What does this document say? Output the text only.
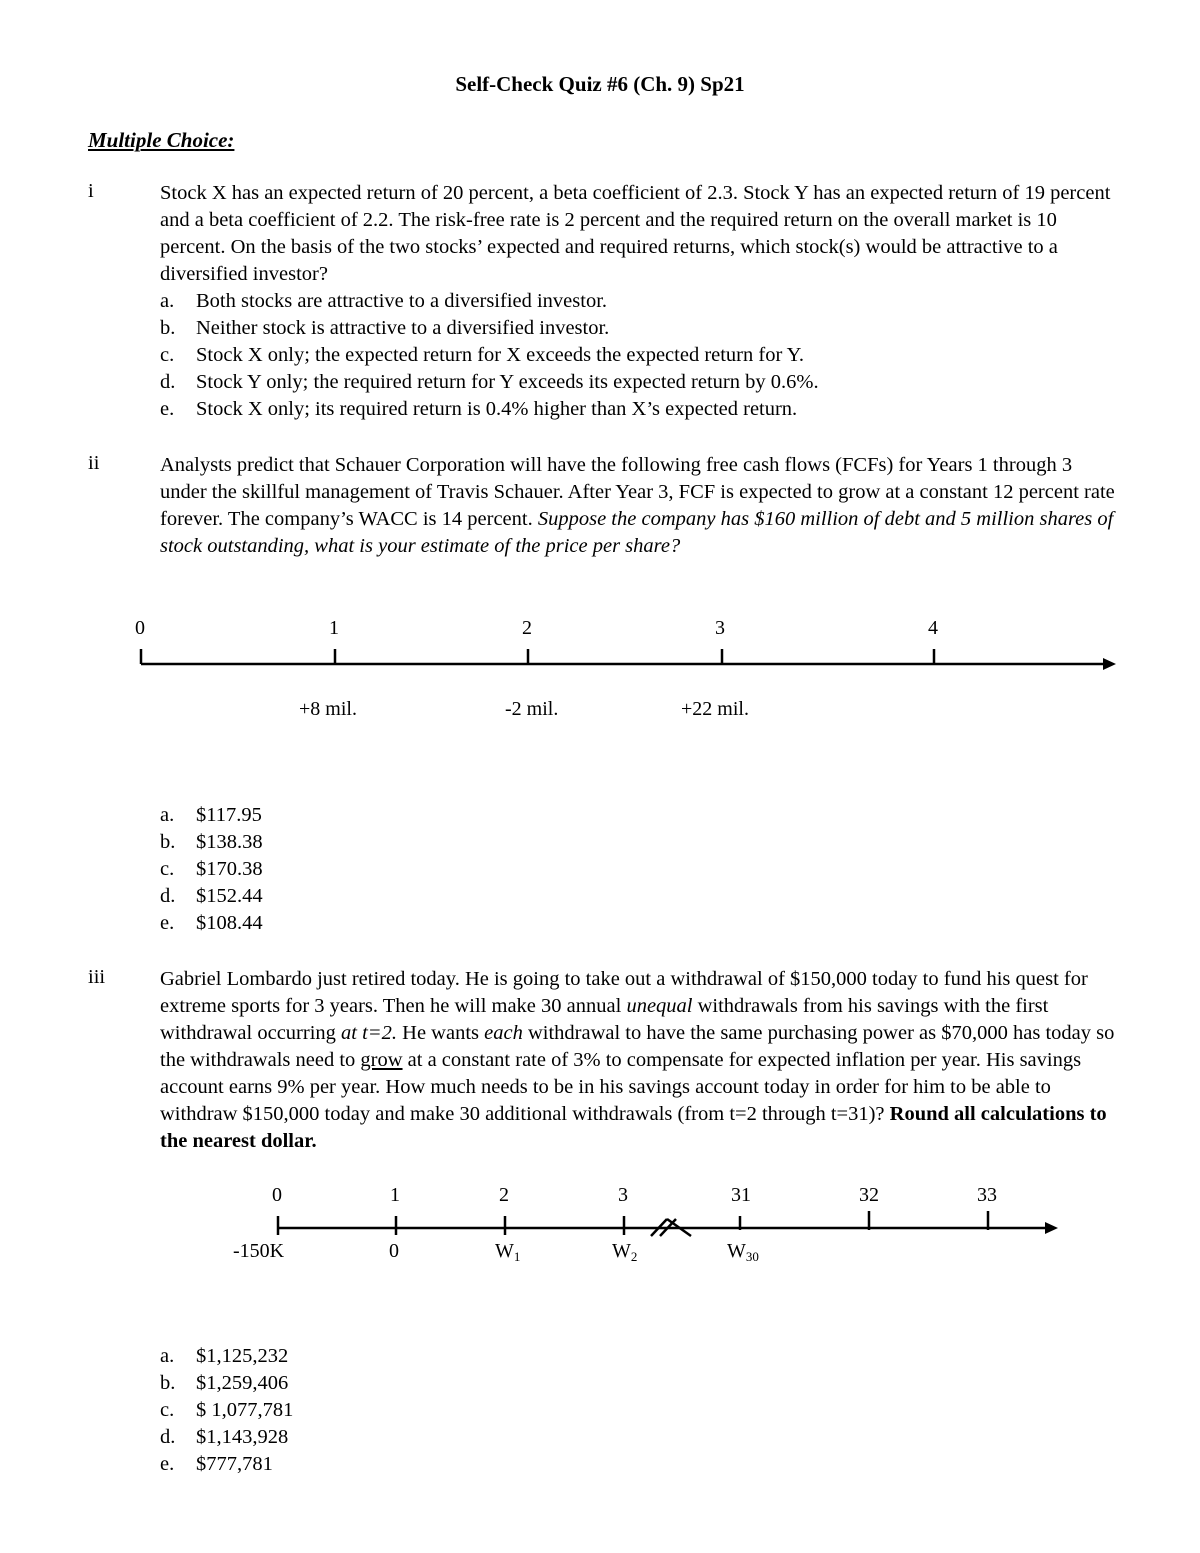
Self-Check Quiz #6 (Ch. 9) Sp21
Multiple Choice:
i	Stock X has an expected return of 20 percent, a beta coefficient of 2.3. Stock Y has an expected return of 19 percent and a beta coefficient of 2.2. The risk-free rate is 2 percent and the required return on the overall market is 10 percent. On the basis of the two stocks’ expected and required returns, which stock(s) would be attractive to a diversified investor?
a.	Both stocks are attractive to a diversified investor.
b.	Neither stock is attractive to a diversified investor.
c.	Stock X only; the expected return for X exceeds the expected return for Y.
d.	Stock Y only; the required return for Y exceeds its expected return by 0.6%.
e.	Stock X only; its required return is 0.4% higher than X’s expected return.
ii	Analysts predict that Schauer Corporation will have the following free cash flows (FCFs) for Years 1 through 3 under the skillful management of Travis Schauer. After Year 3, FCF is expected to grow at a constant 12 percent rate forever. The company’s WACC is 14 percent. Suppose the company has $160 million of debt and 5 million shares of stock outstanding, what is your estimate of the price per share?
0	1	2	3	4
+8 mil.	-2 mil.	+22 mil.
a.	$117.95
b.	$138.38
c.	$170.38
d.	$152.44
e.	$108.44
iii	Gabriel Lombardo just retired today. He is going to take out a withdrawal of $150,000 today to fund his quest for extreme sports for 3 years. Then he will make 30 annual unequal withdrawals from his savings with the first withdrawal occurring at t=2. He wants each withdrawal to have the same purchasing power as $70,000 has today so the withdrawals need to grow at a constant rate of 3% to compensate for expected inflation per year. His savings account earns 9% per year. How much needs to be in his savings account today in order for him to be able to withdraw $150,000 today and make 30 additional withdrawals (from t=2 through t=31)? Round all calculations to the nearest dollar.
0	1	2	3	31	32	33
-150K	0	$W_1$	$W_2$	$W_{30}$
a.	$1,125,232
b.	$1,259,406
c.	$ 1,077,781
d.	$1,143,928
e.	$777,781
